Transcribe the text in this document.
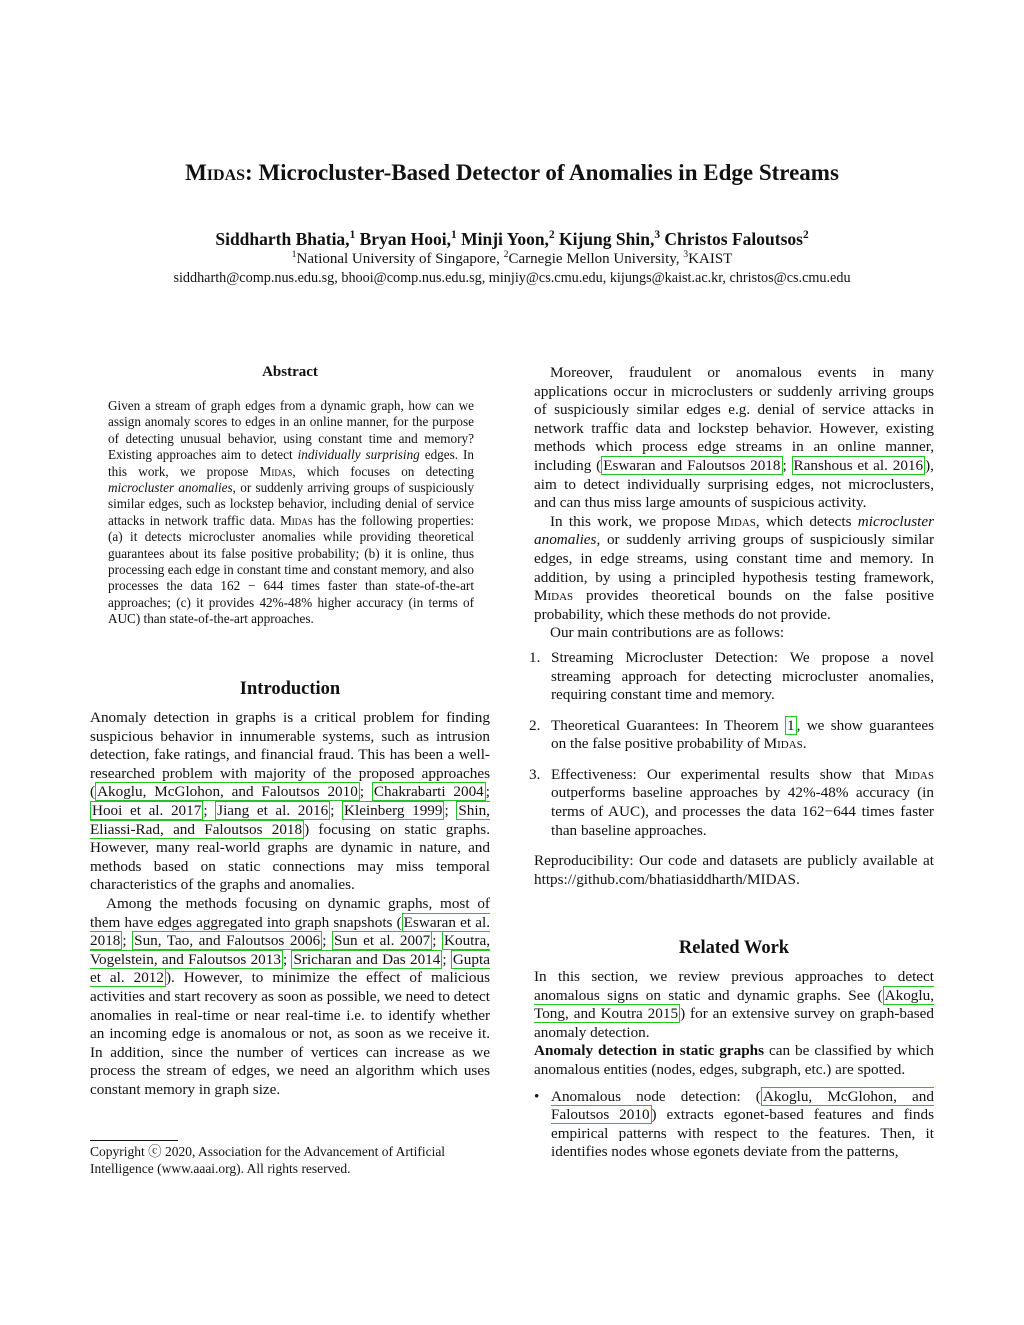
Midas: Microcluster-Based Detector of Anomalies in Edge Streams
Siddharth Bhatia,$^1$ Bryan Hooi,$^1$ Minji Yoon,$^2$ Kijung Shin,$^3$ Christos Faloutsos$^2$
$^1$National University of Singapore, $^2$Carnegie Mellon University, $^3$KAIST
siddharth@comp.nus.edu.sg, bhooi@comp.nus.edu.sg, minjiy@cs.cmu.edu, kijungs@kaist.ac.kr, christos@cs.cmu.edu
Abstract
Given a stream of graph edges from a dynamic graph, how can we assign anomaly scores to edges in an online manner, for the purpose of detecting unusual behavior, using constant time and memory? Existing approaches aim to detect individually surprising edges. In this work, we propose Midas, which focuses on detecting microcluster anomalies, or suddenly arriving groups of suspiciously similar edges, such as lockstep behavior, including denial of service attacks in network traffic data. Midas has the following properties: (a) it detects microcluster anomalies while providing theoretical guarantees about its false positive probability; (b) it is online, thus processing each edge in constant time and constant memory, and also processes the data 162 − 644 times faster than state-of-the-art approaches; (c) it provides 42%-48% higher accuracy (in terms of AUC) than state-of-the-art approaches.
Introduction

Anomaly detection in graphs is a critical problem for finding suspicious behavior in innumerable systems, such as intrusion detection, fake ratings, and financial fraud. This has been a well-researched problem with majority of the proposed approaches ( Akoglu, McGlohon, and Faloutsos 2010 ; Chakrabarti 2004 ; Hooi et al. 2017 ; Jiang et al. 2016 ; Kleinberg 1999 ; Shin, Eliassi-Rad, and Faloutsos 2018 ) focusing on static graphs. However, many real-world graphs are dynamic in nature, and methods based on static connections may miss temporal characteristics of the graphs and anomalies.

Among the methods focusing on dynamic graphs, most of them have edges aggregated into graph snapshots ( Eswaran et al. 2018 ; Sun, Tao, and Faloutsos 2006 ; Sun et al. 2007 ; Koutra, Vogelstein, and Faloutsos 2013 ; Sricharan and Das 2014 ; Gupta et al. 2012 ). However, to minimize the effect of malicious activities and start recovery as soon as possible, we need to detect anomalies in real-time or near real-time i.e. to identify whether an incoming edge is anomalous or not, as soon as we receive it. In addition, since the number of vertices can increase as we process the stream of edges, we need an algorithm which uses constant memory in graph size.

Copyright ⓒ 2020, Association for the Advancement of Artificial Intelligence (www.aaai.org). All rights reserved.

Moreover, fraudulent or anomalous events in many applications occur in microclusters or suddenly arriving groups of suspiciously similar edges e.g. denial of service attacks in network traffic data and lockstep behavior. However, existing methods which process edge streams in an online manner, including ( Eswaran and Faloutsos 2018 ; Ranshous et al. 2016 ), aim to detect individually surprising edges, not microclusters, and can thus miss large amounts of suspicious activity.

In this work, we propose Midas, which detects microcluster anomalies, or suddenly arriving groups of suspiciously similar edges, in edge streams, using constant time and memory. In addition, by using a principled hypothesis testing framework, Midas provides theoretical bounds on the false positive probability, which these methods do not provide.

Our main contributions are as follows:

1. Streaming Microcluster Detection: We propose a novel streaming approach for detecting microcluster anomalies, requiring constant time and memory.
2. Theoretical Guarantees: In Theorem 1 , we show guarantees on the false positive probability of Midas.
3. Effectiveness: Our experimental results show that Midas outperforms baseline approaches by 42%-48% accuracy (in terms of AUC), and processes the data 162−644 times faster than baseline approaches.

Reproducibility: Our code and datasets are publicly available at https://github.com/bhatiasiddharth/MIDAS.

Related Work

In this section, we review previous approaches to detect anomalous signs on static and dynamic graphs. See ( Akoglu, Tong, and Koutra 2015 ) for an extensive survey on graph-based anomaly detection.

Anomaly detection in static graphs can be classified by which anomalous entities (nodes, edges, subgraph, etc.) are spotted.

• Anomalous node detection: ( Akoglu, McGlohon, and Faloutsos 2010 ) extracts egonet-based features and finds empirical patterns with respect to the features. Then, it identifies nodes whose egonets deviate from the patterns,
